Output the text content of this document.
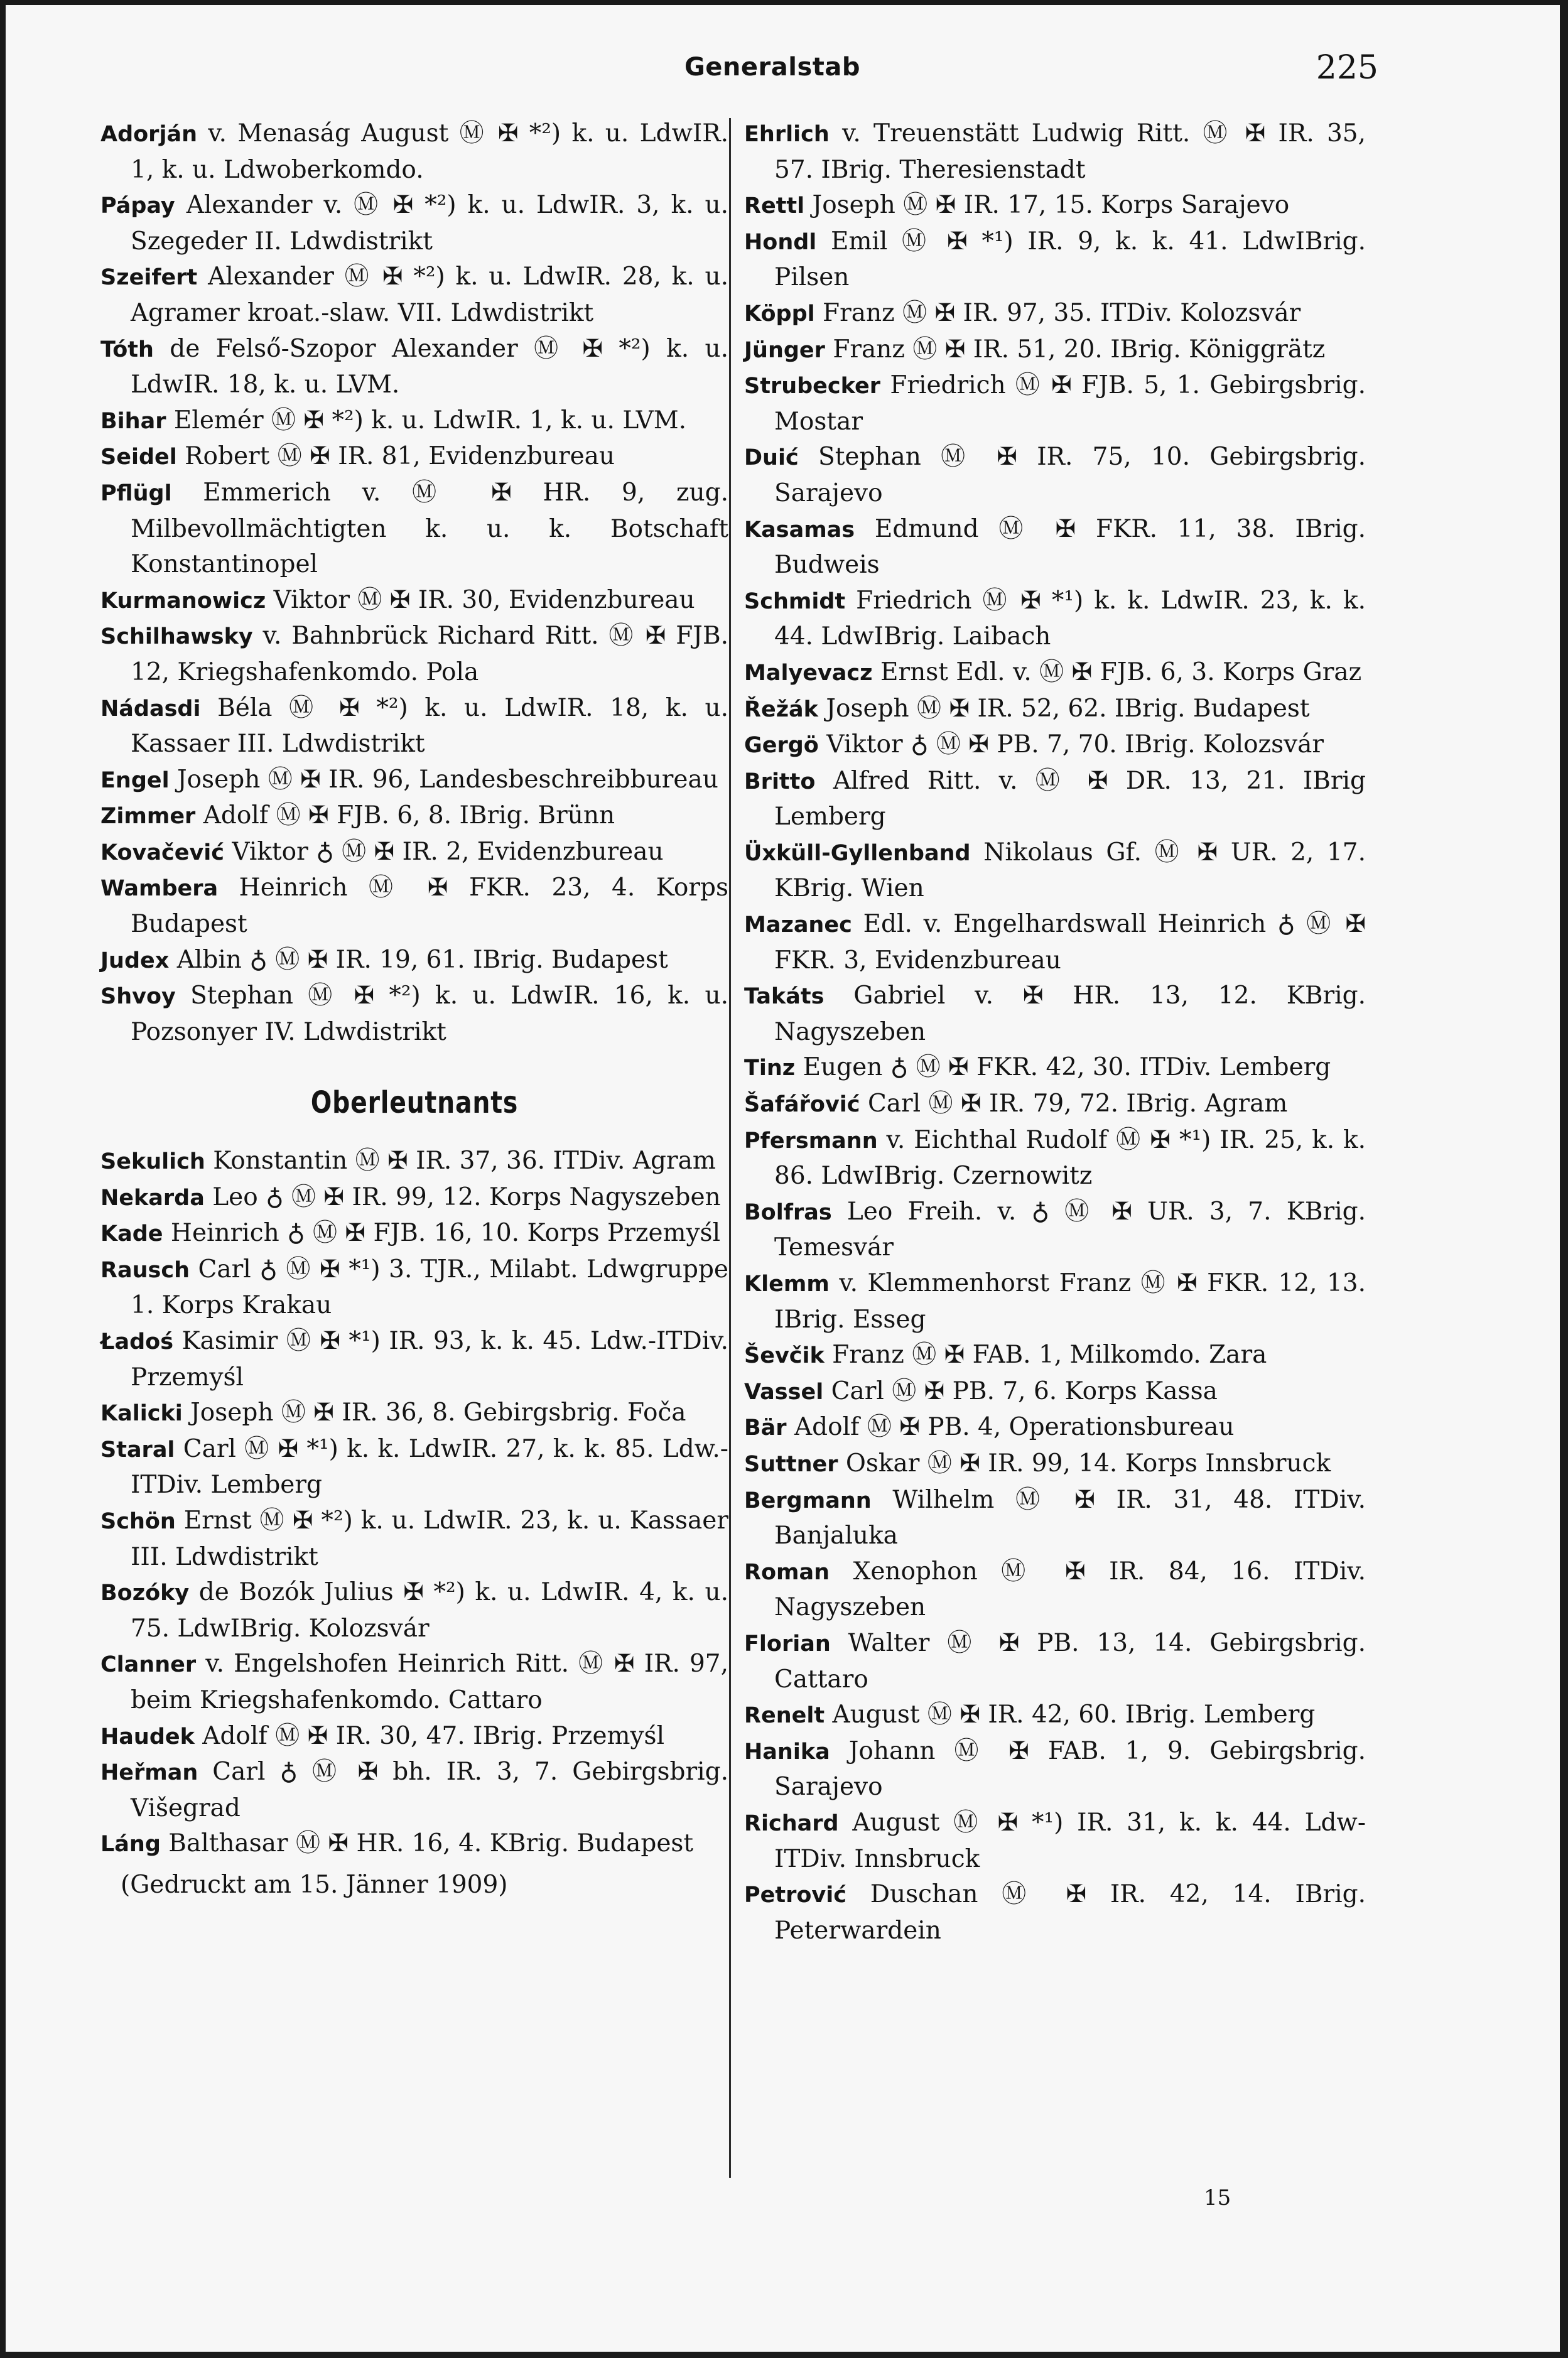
Generalstab	225
Adorján v. Menaság August Ⓜ ✠ *²) k. u. LdwIR. 1, k. u. Ldwoberkomdo.
Pápay Alexander v. Ⓜ ✠ *²) k. u. LdwIR. 3, k. u. Szegeder II. Ldwdistrikt
Szeifert Alexander Ⓜ ✠ *²) k. u. LdwIR. 28, k. u. Agramer kroat.-slaw. VII. Ldwdistrikt
Tóth de Felső-Szopor Alexander Ⓜ ✠ *²) k. u. LdwIR. 18, k. u. LVM.
Bihar Elemér Ⓜ ✠ *²) k. u. LdwIR. 1, k. u. LVM.
Seidel Robert Ⓜ ✠ IR. 81, Evidenzbureau
Pflügl Emmerich v. Ⓜ ✠ HR. 9, zug. Milbevollmächtigten k. u. k. Botschaft Konstantinopel
Kurmanowicz Viktor Ⓜ ✠ IR. 30, Evidenzbureau
Schilhawsky v. Bahnbrück Richard Ritt. Ⓜ ✠ FJB. 12, Kriegshafenkomdo. Pola
Nádasdi Béla Ⓜ ✠ *²) k. u. LdwIR. 18, k. u. Kassaer III. Ldwdistrikt
Engel Joseph Ⓜ ✠ IR. 96, Landesbeschreibbureau
Zimmer Adolf Ⓜ ✠ FJB. 6, 8. IBrig. Brünn
Kovačević Viktor ♁ Ⓜ ✠ IR. 2, Evidenzbureau
Wambera Heinrich Ⓜ ✠ FKR. 23, 4. Korps Budapest
Judex Albin ♁ Ⓜ ✠ IR. 19, 61. IBrig. Budapest
Shvoy Stephan Ⓜ ✠ *²) k. u. LdwIR. 16, k. u. Pozsonyer IV. Ldwdistrikt
Oberleutnants
Sekulich Konstantin Ⓜ ✠ IR. 37, 36. ITDiv. Agram
Nekarda Leo ♁ Ⓜ ✠ IR. 99, 12. Korps Nagyszeben
Kade Heinrich ♁ Ⓜ ✠ FJB. 16, 10. Korps Przemyśl
Rausch Carl ♁ Ⓜ ✠ *¹) 3. TJR., Milabt. Ldwgruppe 1. Korps Krakau
Ładoś Kasimir Ⓜ ✠ *¹) IR. 93, k. k. 45. Ldw.-ITDiv. Przemyśl
Kalicki Joseph Ⓜ ✠ IR. 36, 8. Gebirgsbrig. Foča
Staral Carl Ⓜ ✠ *¹) k. k. LdwIR. 27, k. k. 85. Ldw.-ITDiv. Lemberg
Schön Ernst Ⓜ ✠ *²) k. u. LdwIR. 23, k. u. Kassaer III. Ldwdistrikt
Bozóky de Bozók Julius ✠ *²) k. u. LdwIR. 4, k. u. 75. LdwIBrig. Kolozsvár
Clanner v. Engelshofen Heinrich Ritt. Ⓜ ✠ IR. 97, beim Kriegshafenkomdo. Cattaro
Haudek Adolf Ⓜ ✠ IR. 30, 47. IBrig. Przemyśl
Heřman Carl ♁ Ⓜ ✠ bh. IR. 3, 7. Gebirgsbrig. Višegrad
Láng Balthasar Ⓜ ✠ HR. 16, 4. KBrig. Budapest
(Gedruckt am 15. Jänner 1909)
Ehrlich v. Treuenstätt Ludwig Ritt. Ⓜ ✠ IR. 35, 57. IBrig. Theresienstadt
Rettl Joseph Ⓜ ✠ IR. 17, 15. Korps Sarajevo
Hondl Emil Ⓜ ✠ *¹) IR. 9, k. k. 41. LdwIBrig. Pilsen
Köppl Franz Ⓜ ✠ IR. 97, 35. ITDiv. Kolozsvár
Jünger Franz Ⓜ ✠ IR. 51, 20. IBrig. Königgrätz
Strubecker Friedrich Ⓜ ✠ FJB. 5, 1. Gebirgsbrig. Mostar
Duić Stephan Ⓜ ✠ IR. 75, 10. Gebirgsbrig. Sarajevo
Kasamas Edmund Ⓜ ✠ FKR. 11, 38. IBrig. Budweis
Schmidt Friedrich Ⓜ ✠ *¹) k. k. LdwIR. 23, k. k. 44. LdwIBrig. Laibach
Malyevacz Ernst Edl. v. Ⓜ ✠ FJB. 6, 3. Korps Graz
Řežák Joseph Ⓜ ✠ IR. 52, 62. IBrig. Budapest
Gergö Viktor ♁ Ⓜ ✠ PB. 7, 70. IBrig. Kolozsvár
Britto Alfred Ritt. v. Ⓜ ✠ DR. 13, 21. IBrig Lemberg
Üxküll-Gyllenband Nikolaus Gf. Ⓜ ✠ UR. 2, 17. KBrig. Wien
Mazanec Edl. v. Engelhardswall Heinrich ♁ Ⓜ ✠ FKR. 3, Evidenzbureau
Takáts Gabriel v. ✠ HR. 13, 12. KBrig. Nagyszeben
Tinz Eugen ♁ Ⓜ ✠ FKR. 42, 30. ITDiv. Lemberg
Šafářović Carl Ⓜ ✠ IR. 79, 72. IBrig. Agram
Pfersmann v. Eichthal Rudolf Ⓜ ✠ *¹) IR. 25, k. k. 86. LdwIBrig. Czernowitz
Bolfras Leo Freih. v. ♁ Ⓜ ✠ UR. 3, 7. KBrig. Temesvár
Klemm v. Klemmenhorst Franz Ⓜ ✠ FKR. 12, 13. IBrig. Esseg
Ševčik Franz Ⓜ ✠ FAB. 1, Milkomdo. Zara
Vassel Carl Ⓜ ✠ PB. 7, 6. Korps Kassa
Bär Adolf Ⓜ ✠ PB. 4, Operationsbureau
Suttner Oskar Ⓜ ✠ IR. 99, 14. Korps Innsbruck
Bergmann Wilhelm Ⓜ ✠ IR. 31, 48. ITDiv. Banjaluka
Roman Xenophon Ⓜ ✠ IR. 84, 16. ITDiv. Nagyszeben
Florian Walter Ⓜ ✠ PB. 13, 14. Gebirgsbrig. Cattaro
Renelt August Ⓜ ✠ IR. 42, 60. IBrig. Lemberg
Hanika Johann Ⓜ ✠ FAB. 1, 9. Gebirgsbrig. Sarajevo
Richard August Ⓜ ✠ *¹) IR. 31, k. k. 44. Ldw-ITDiv. Innsbruck
Petrović Duschan Ⓜ ✠ IR. 42, 14. IBrig. Peterwardein
15
